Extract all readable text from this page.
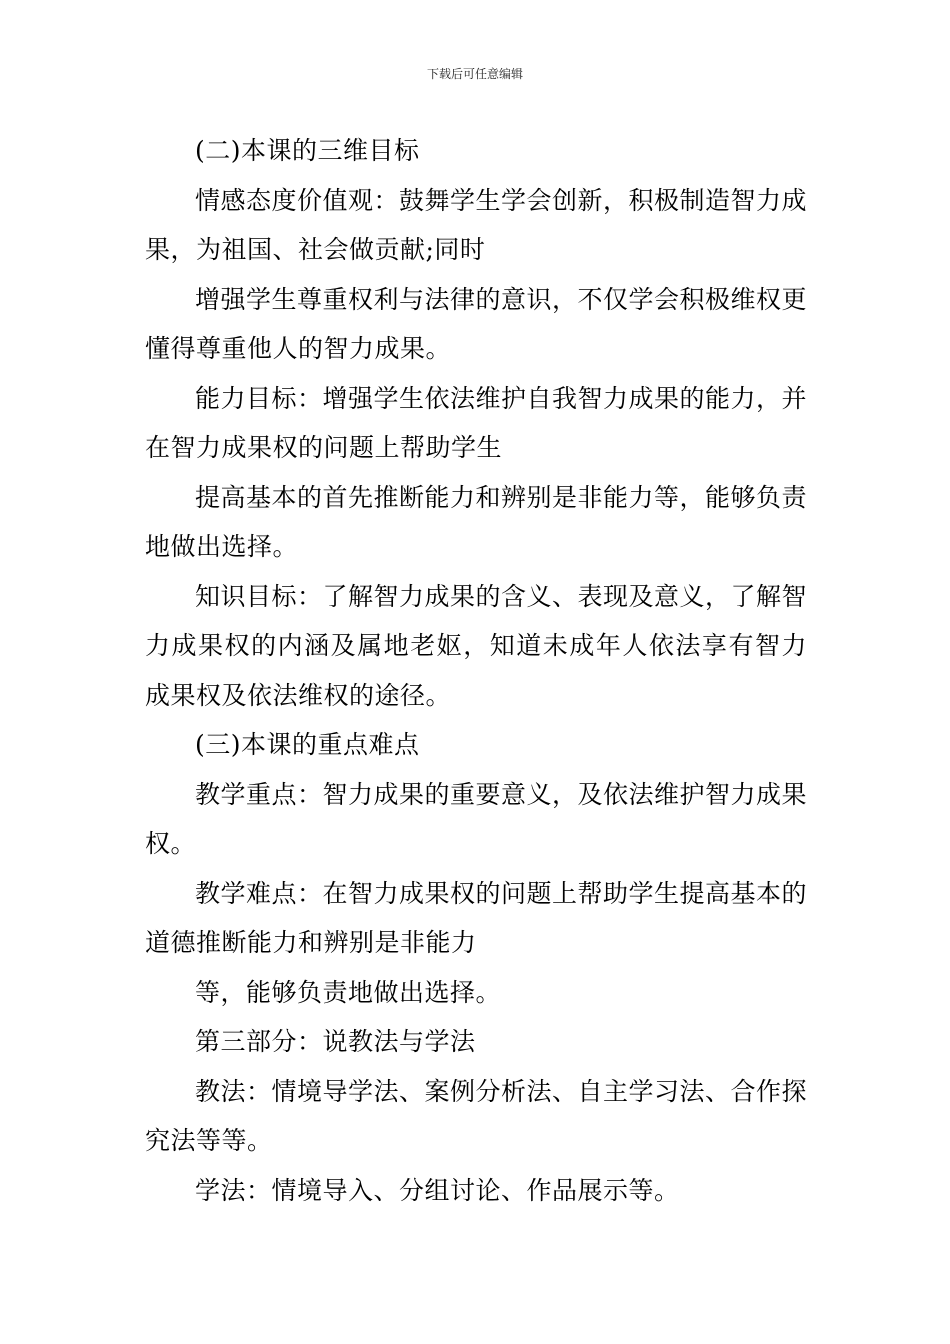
下载后可任意编辑

(二)本课的三维目标

情感态度价值观：鼓舞学生学会创新，积极制造智力成果，为祖国、社会做贡献;同时

增强学生尊重权利与法律的意识，不仅学会积极维权更懂得尊重他人的智力成果。

能力目标：增强学生依法维护自我智力成果的能力，并在智力成果权的问题上帮助学生

提高基本的首先推断能力和辨别是非能力等，能够负责地做出选择。

知识目标：了解智力成果的含义、表现及意义，了解智力成果权的内涵及属地老妪，知道未成年人依法享有智力成果权及依法维权的途径。

(三)本课的重点难点

教学重点：智力成果的重要意义，及依法维护智力成果权。

教学难点：在智力成果权的问题上帮助学生提高基本的道德推断能力和辨别是非能力

等，能够负责地做出选择。

第三部分：说教法与学法

教法：情境导学法、案例分析法、自主学习法、合作探究法等等。

学法：情境导入、分组讨论、作品展示等。
